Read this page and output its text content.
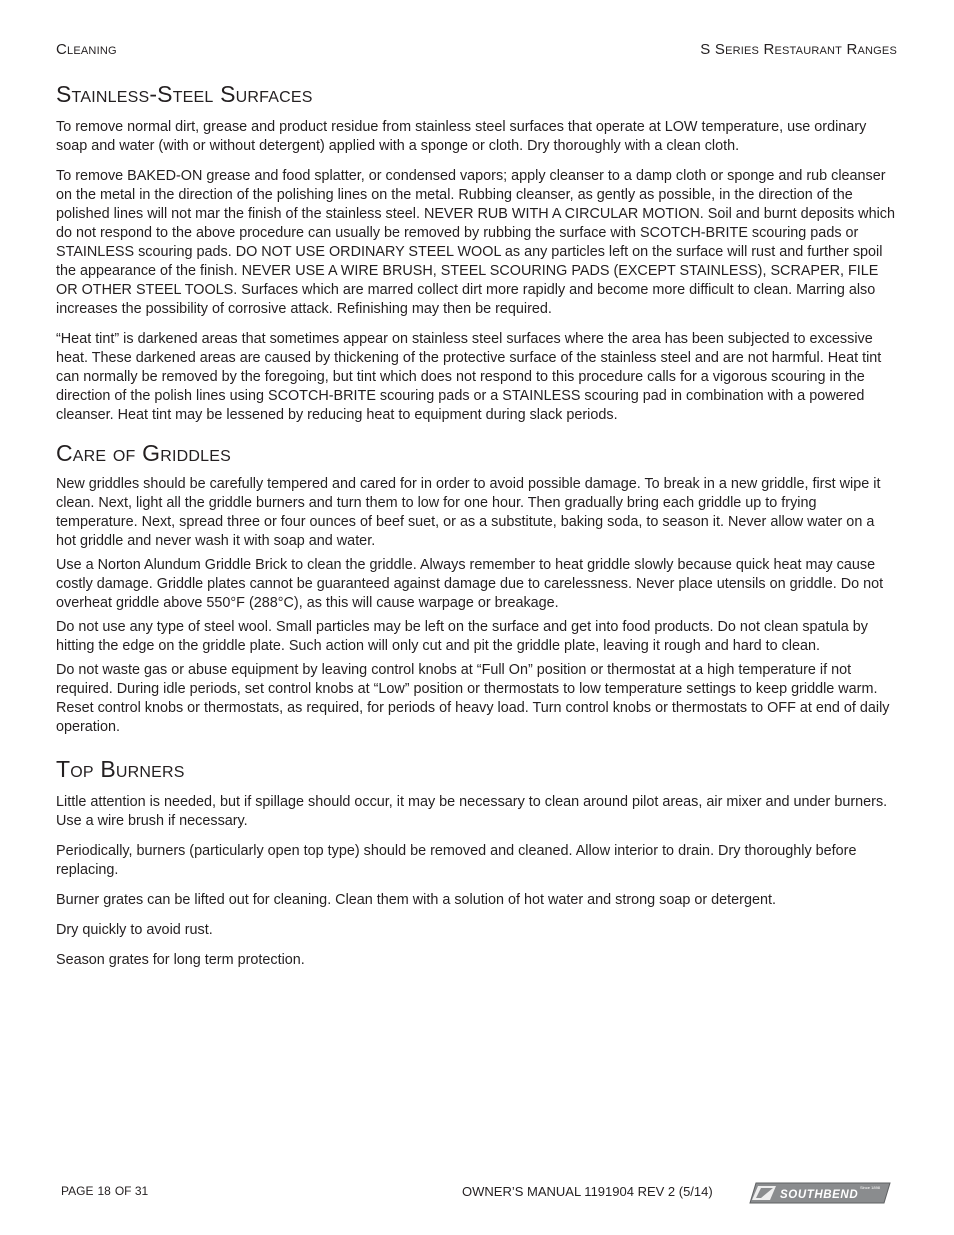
Cleaning	S Series Restaurant Ranges
Stainless-Steel Surfaces

To remove normal dirt, grease and product residue from stainless steel surfaces that operate at LOW temperature, use ordinary soap and water (with or without detergent) applied with a sponge or cloth. Dry thoroughly with a clean cloth.

To remove BAKED-ON grease and food splatter, or condensed vapors; apply cleanser to a damp cloth or sponge and rub cleanser on the metal in the direction of the polishing lines on the metal. Rubbing cleanser, as gently as possible, in the direction of the polished lines will not mar the finish of the stainless steel. NEVER RUB WITH A CIRCULAR MOTION. Soil and burnt deposits which do not respond to the above procedure can usually be removed by rubbing the surface with SCOTCH-BRITE scouring pads or STAINLESS scouring pads. DO NOT USE ORDINARY STEEL WOOL as any particles left on the surface will rust and further spoil the appearance of the finish. NEVER USE A WIRE BRUSH, STEEL SCOURING PADS (EXCEPT STAINLESS), SCRAPER, FILE OR OTHER STEEL TOOLS. Surfaces which are marred collect dirt more rapidly and become more difficult to clean. Marring also increases the possibility of corrosive attack. Refinishing may then be required.

“Heat tint” is darkened areas that sometimes appear on stainless steel surfaces where the area has been subjected to excessive heat. These darkened areas are caused by thickening of the protective surface of the stainless steel and are not harmful. Heat tint can normally be removed by the foregoing, but tint which does not respond to this procedure calls for a vigorous scouring in the direction of the polish lines using SCOTCH-BRITE scouring pads or a STAINLESS scouring pad in combination with a powered cleanser. Heat tint may be lessened by reducing heat to equipment during slack periods.

Care of Griddles

New griddles should be carefully tempered and cared for in order to avoid possible damage. To break in a new griddle, first wipe it clean. Next, light all the griddle burners and turn them to low for one hour. Then gradually bring each griddle up to frying temperature. Next, spread three or four ounces of beef suet, or as a substitute, baking soda, to season it. Never allow water on a hot griddle and never wash it with soap and water.

Use a Norton Alundum Griddle Brick to clean the griddle. Always remember to heat griddle slowly because quick heat may cause costly damage. Griddle plates cannot be guaranteed against damage due to carelessness. Never place utensils on griddle. Do not overheat griddle above 550°F (288°C), as this will cause warpage or breakage.

Do not use any type of steel wool. Small particles may be left on the surface and get into food products. Do not clean spatula by hitting the edge on the griddle plate. Such action will only cut and pit the griddle plate, leaving it rough and hard to clean.

Do not waste gas or abuse equipment by leaving control knobs at “Full On” position or thermostat at a high temperature if not required. During idle periods, set control knobs at “Low” position or thermostats to low temperature settings to keep griddle warm. Reset control knobs or thermostats, as required, for periods of heavy load. Turn control knobs or thermostats to OFF at end of daily operation.

Top Burners

Little attention is needed, but if spillage should occur, it may be necessary to clean around pilot areas, air mixer and under burners. Use a wire brush if necessary.

Periodically, burners (particularly open top type) should be removed and cleaned. Allow interior to drain. Dry thoroughly before replacing.

Burner grates can be lifted out for cleaning. Clean them with a solution of hot water and strong soap or detergent.

Dry quickly to avoid rust.

Season grates for long term protection.

PAGE 18 OF 31	OWNER’S MANUAL 1191904 REV 2 (5/14)	SOUTHBEND
Since 1898
